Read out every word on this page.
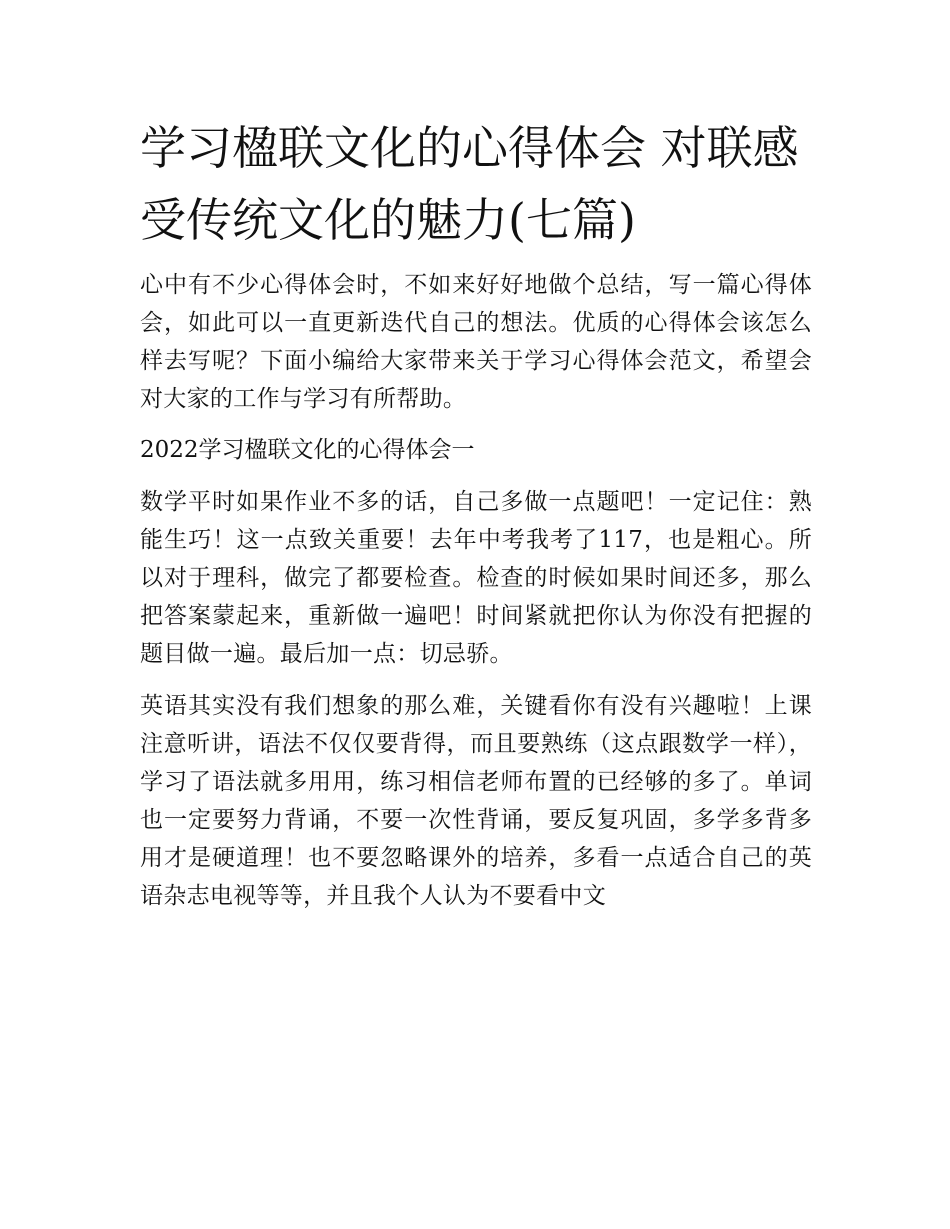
学习楹联文化的心得体会 对联感受传统文化的魅力(七篇)

心中有不少心得体会时，不如来好好地做个总结，写一篇心得体会，如此可以一直更新迭代自己的想法。优质的心得体会该怎么样去写呢？下面小编给大家带来关于学习心得体会范文，希望会对大家的工作与学习有所帮助。

2022学习楹联文化的心得体会一

数学平时如果作业不多的话，自己多做一点题吧！一定记住：熟能生巧！这一点致关重要！去年中考我考了117，也是粗心。所以对于理科，做完了都要检查。检查的时候如果时间还多，那么把答案蒙起来，重新做一遍吧！时间紧就把你认为你没有把握的题目做一遍。最后加一点：切忌骄。

英语其实没有我们想象的那么难，关键看你有没有兴趣啦！上课注意听讲，语法不仅仅要背得，而且要熟练（这点跟数学一样），学习了语法就多用用，练习相信老师布置的已经够的多了。单词也一定要努力背诵，不要一次性背诵，要反复巩固，多学多背多用才是硬道理！也不要忽略课外的培养，多看一点适合自己的英语杂志电视等等，并且我个人认为不要看中文
